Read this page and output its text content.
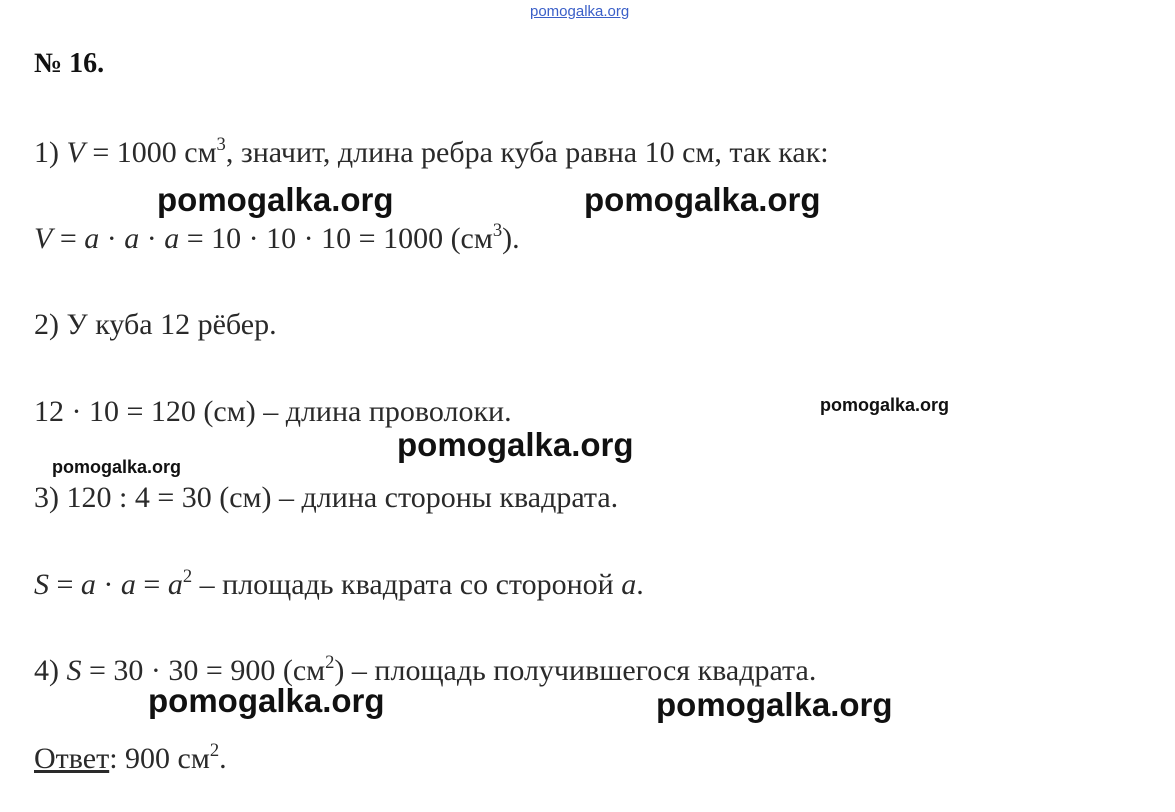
pomogalka.org
№ 16.
1) V = 1000 $см^3$, значит, длина ребра куба равна 10 см, так как:
V = a · a · a = 10 · 10 · 10 = 1000 $(см^3)$.
2) У куба 12 рёбер.
12 · 10 = 120 (см) – длина проволоки.
3) 120 : 4 = 30 (см) – длина стороны квадрата.
$S = a \cdot a = a^2$ – площадь квадрата со стороной a.
4) S = 30 · 30 = 900 $(см^2)$ – площадь получившегося квадрата.
Ответ: 900 $см^2$.
pomogalka.org	pomogalka.org
pomogalka.org
pomogalka.org
pomogalka.org
pomogalka.org	pomogalka.org
